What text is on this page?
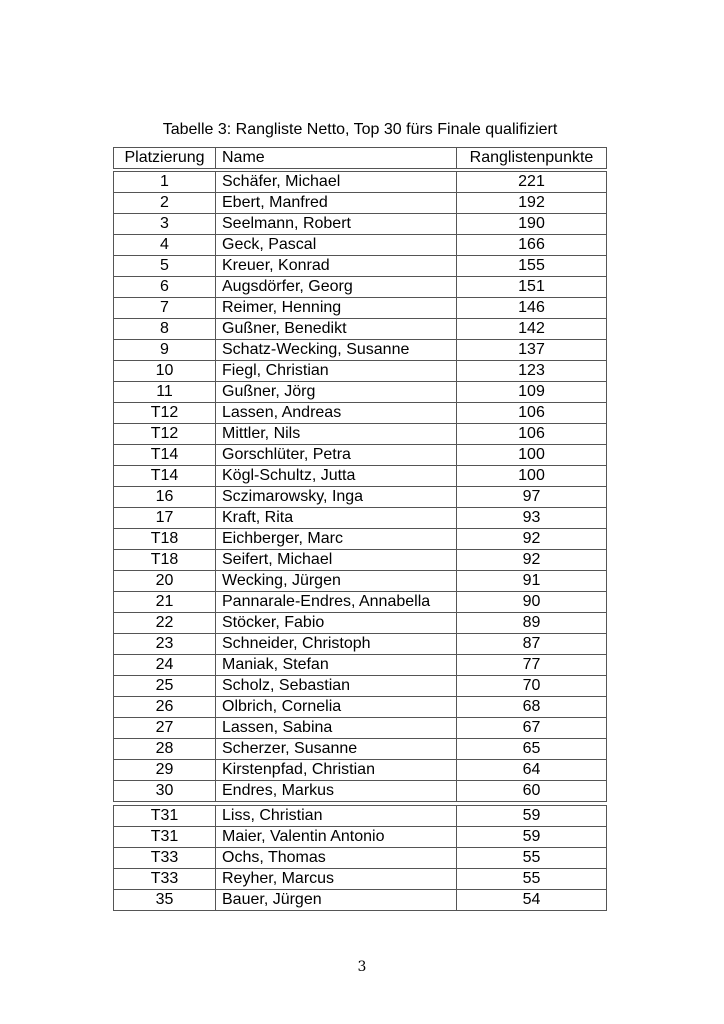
Tabelle 3: Rangliste Netto, Top 30 fürs Finale qualifiziert
Platzierung	Name	Ranglistenpunkte
1	Schäfer, Michael	221
2	Ebert, Manfred	192
3	Seelmann, Robert	190
4	Geck, Pascal	166
5	Kreuer, Konrad	155
6	Augsdörfer, Georg	151
7	Reimer, Henning	146
8	Gußner, Benedikt	142
9	Schatz-Wecking, Susanne	137
10	Fiegl, Christian	123
11	Gußner, Jörg	109
T12	Lassen, Andreas	106
T12	Mittler, Nils	106
T14	Gorschlüter, Petra	100
T14	Kögl-Schultz, Jutta	100
16	Sczimarowsky, Inga	97
17	Kraft, Rita	93
T18	Eichberger, Marc	92
T18	Seifert, Michael	92
20	Wecking, Jürgen	91
21	Pannarale-Endres, Annabella	90
22	Stöcker, Fabio	89
23	Schneider, Christoph	87
24	Maniak, Stefan	77
25	Scholz, Sebastian	70
26	Olbrich, Cornelia	68
27	Lassen, Sabina	67
28	Scherzer, Susanne	65
29	Kirstenpfad, Christian	64
30	Endres, Markus	60
T31	Liss, Christian	59
T31	Maier, Valentin Antonio	59
T33	Ochs, Thomas	55
T33	Reyher, Marcus	55
35	Bauer, Jürgen	54
3
